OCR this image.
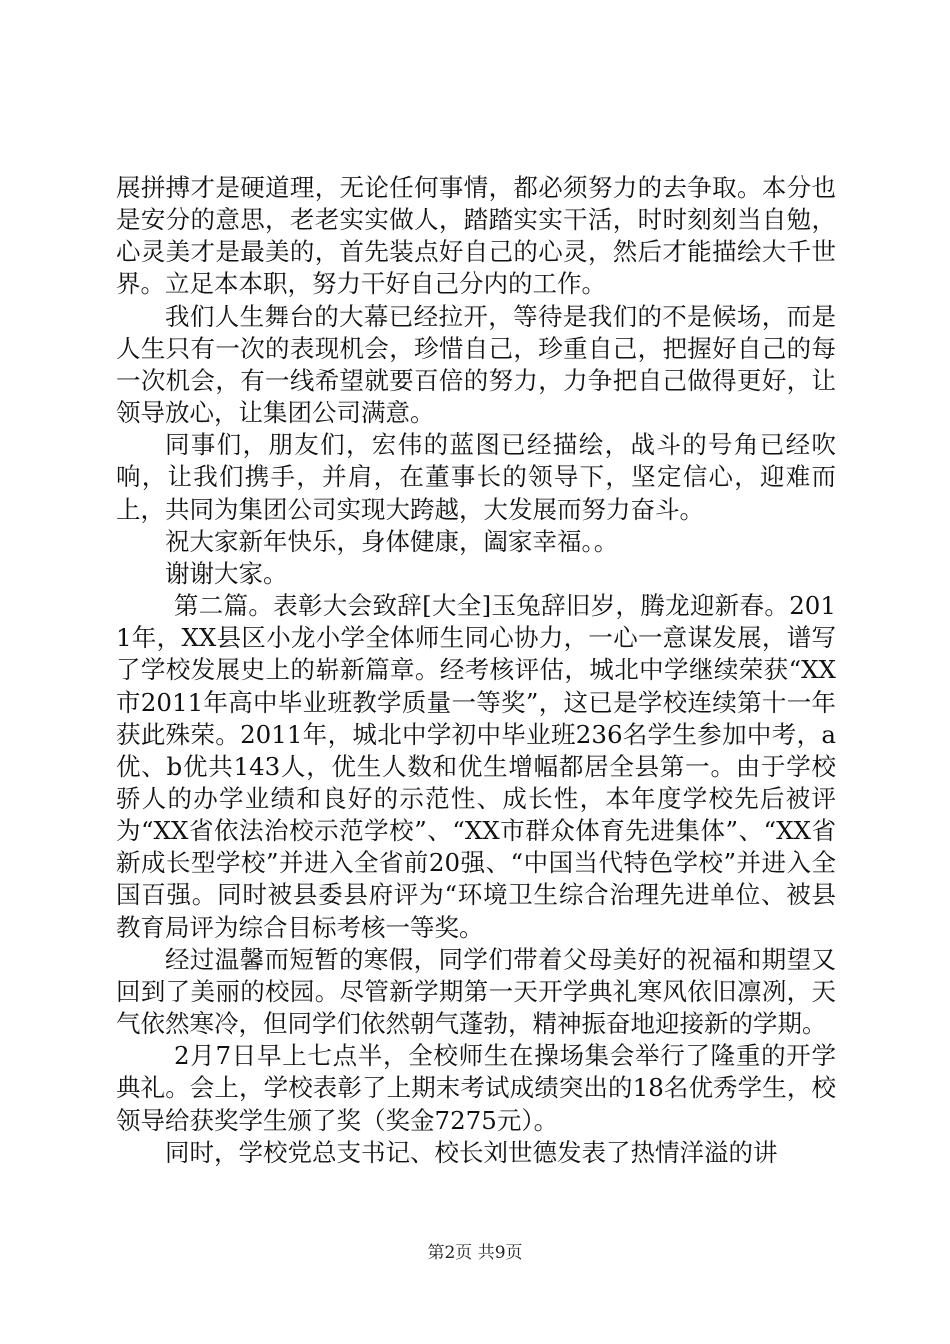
展拼搏才是硬道理，无论任何事情，都必须努力的去争取。本分也是安分的意思，老老实实做人，踏踏实实干活，时时刻刻当自勉，心灵美才是最美的，首先装点好自己的心灵，然后才能描绘大千世界。立足本本职，努力干好自己分内的工作。

我们人生舞台的大幕已经拉开，等待是我们的不是候场，而是人生只有一次的表现机会，珍惜自己，珍重自己，把握好自己的每一次机会，有一线希望就要百倍的努力，力争把自己做得更好，让领导放心，让集团公司满意。

同事们，朋友们，宏伟的蓝图已经描绘，战斗的号角已经吹响，让我们携手，并肩，在董事长的领导下，坚定信心，迎难而上，共同为集团公司实现大跨越，大发展而努力奋斗。

祝大家新年快乐，身体健康，阖家幸福。。

谢谢大家。

第二篇。表彰大会致辞[大全]玉兔辞旧岁，腾龙迎新春。2011年，XX县区小龙小学全体师生同心协力，一心一意谋发展，谱写了学校发展史上的崭新篇章。经考核评估，城北中学继续荣获“XX市2011年高中毕业班教学质量一等奖”，这已是学校连续第十一年获此殊荣。2011年，城北中学初中毕业班236名学生参加中考，a优、b优共143人，优生人数和优生增幅都居全县第一。由于学校骄人的办学业绩和良好的示范性、成长性，本年度学校先后被评为“XX省依法治校示范学校”、“XX市群众体育先进集体”、“XX省新成长型学校”并进入全省前20强、“中国当代特色学校”并进入全国百强。同时被县委县府评为“环境卫生综合治理先进单位、被县教育局评为综合目标考核一等奖。

经过温馨而短暂的寒假，同学们带着父母美好的祝福和期望又回到了美丽的校园。尽管新学期第一天开学典礼寒风依旧凛冽，天气依然寒冷，但同学们依然朝气蓬勃，精神振奋地迎接新的学期。

2月7日早上七点半，全校师生在操场集会举行了隆重的开学典礼。会上，学校表彰了上期末考试成绩突出的18名优秀学生，校领导给获奖学生颁了奖（奖金7275元）。

同时，学校党总支书记、校长刘世德发表了热情洋溢的讲

第2页 共9页
